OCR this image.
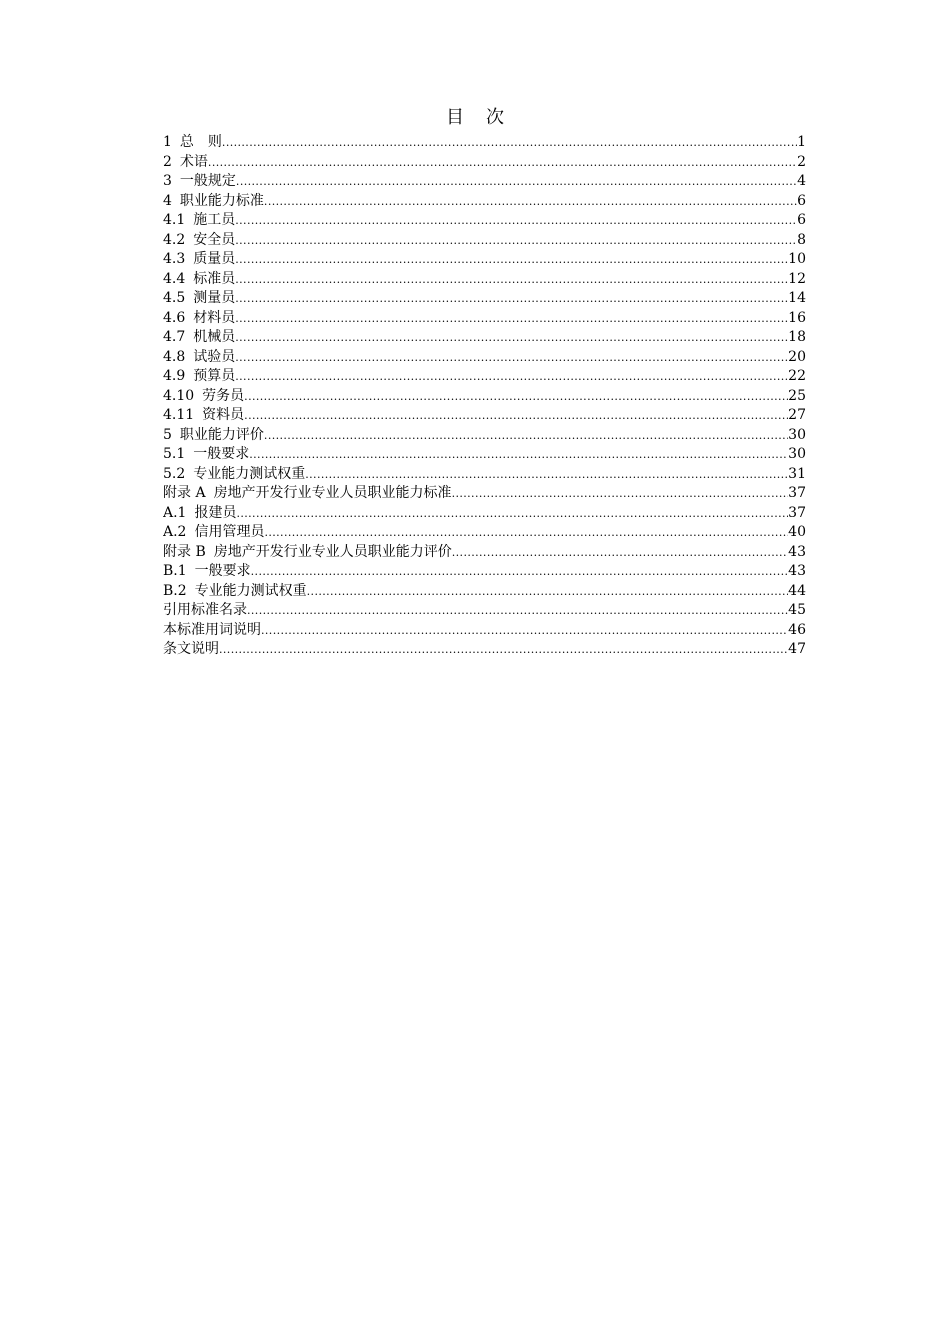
目 次
1 总　则 .....	1
2 术语 .....	2
3 一般规定 .....	4
4 职业能力标准 .....	6
4.1 施工员 .....	6
4.2 安全员 .....	8
4.3 质量员 .....	10
4.4 标准员 .....	12
4.5 测量员 .....	14
4.6 材料员 .....	16
4.7 机械员 .....	18
4.8 试验员 .....	20
4.9 预算员 .....	22
4.10 劳务员 .....	25
4.11 资料员 .....	27
5 职业能力评价 .....	30
5.1 一般要求 .....	30
5.2 专业能力测试权重 .....	31
附录 A 房地产开发行业专业人员职业能力标准 .....	37
A.1 报建员 .....	37
A.2 信用管理员 .....	40
附录 B 房地产开发行业专业人员职业能力评价 .....	43
B.1 一般要求 .....	43
B.2 专业能力测试权重 .....	44
引用标准名录 .....	45
本标准用词说明 .....	46
条文说明 .....	47
